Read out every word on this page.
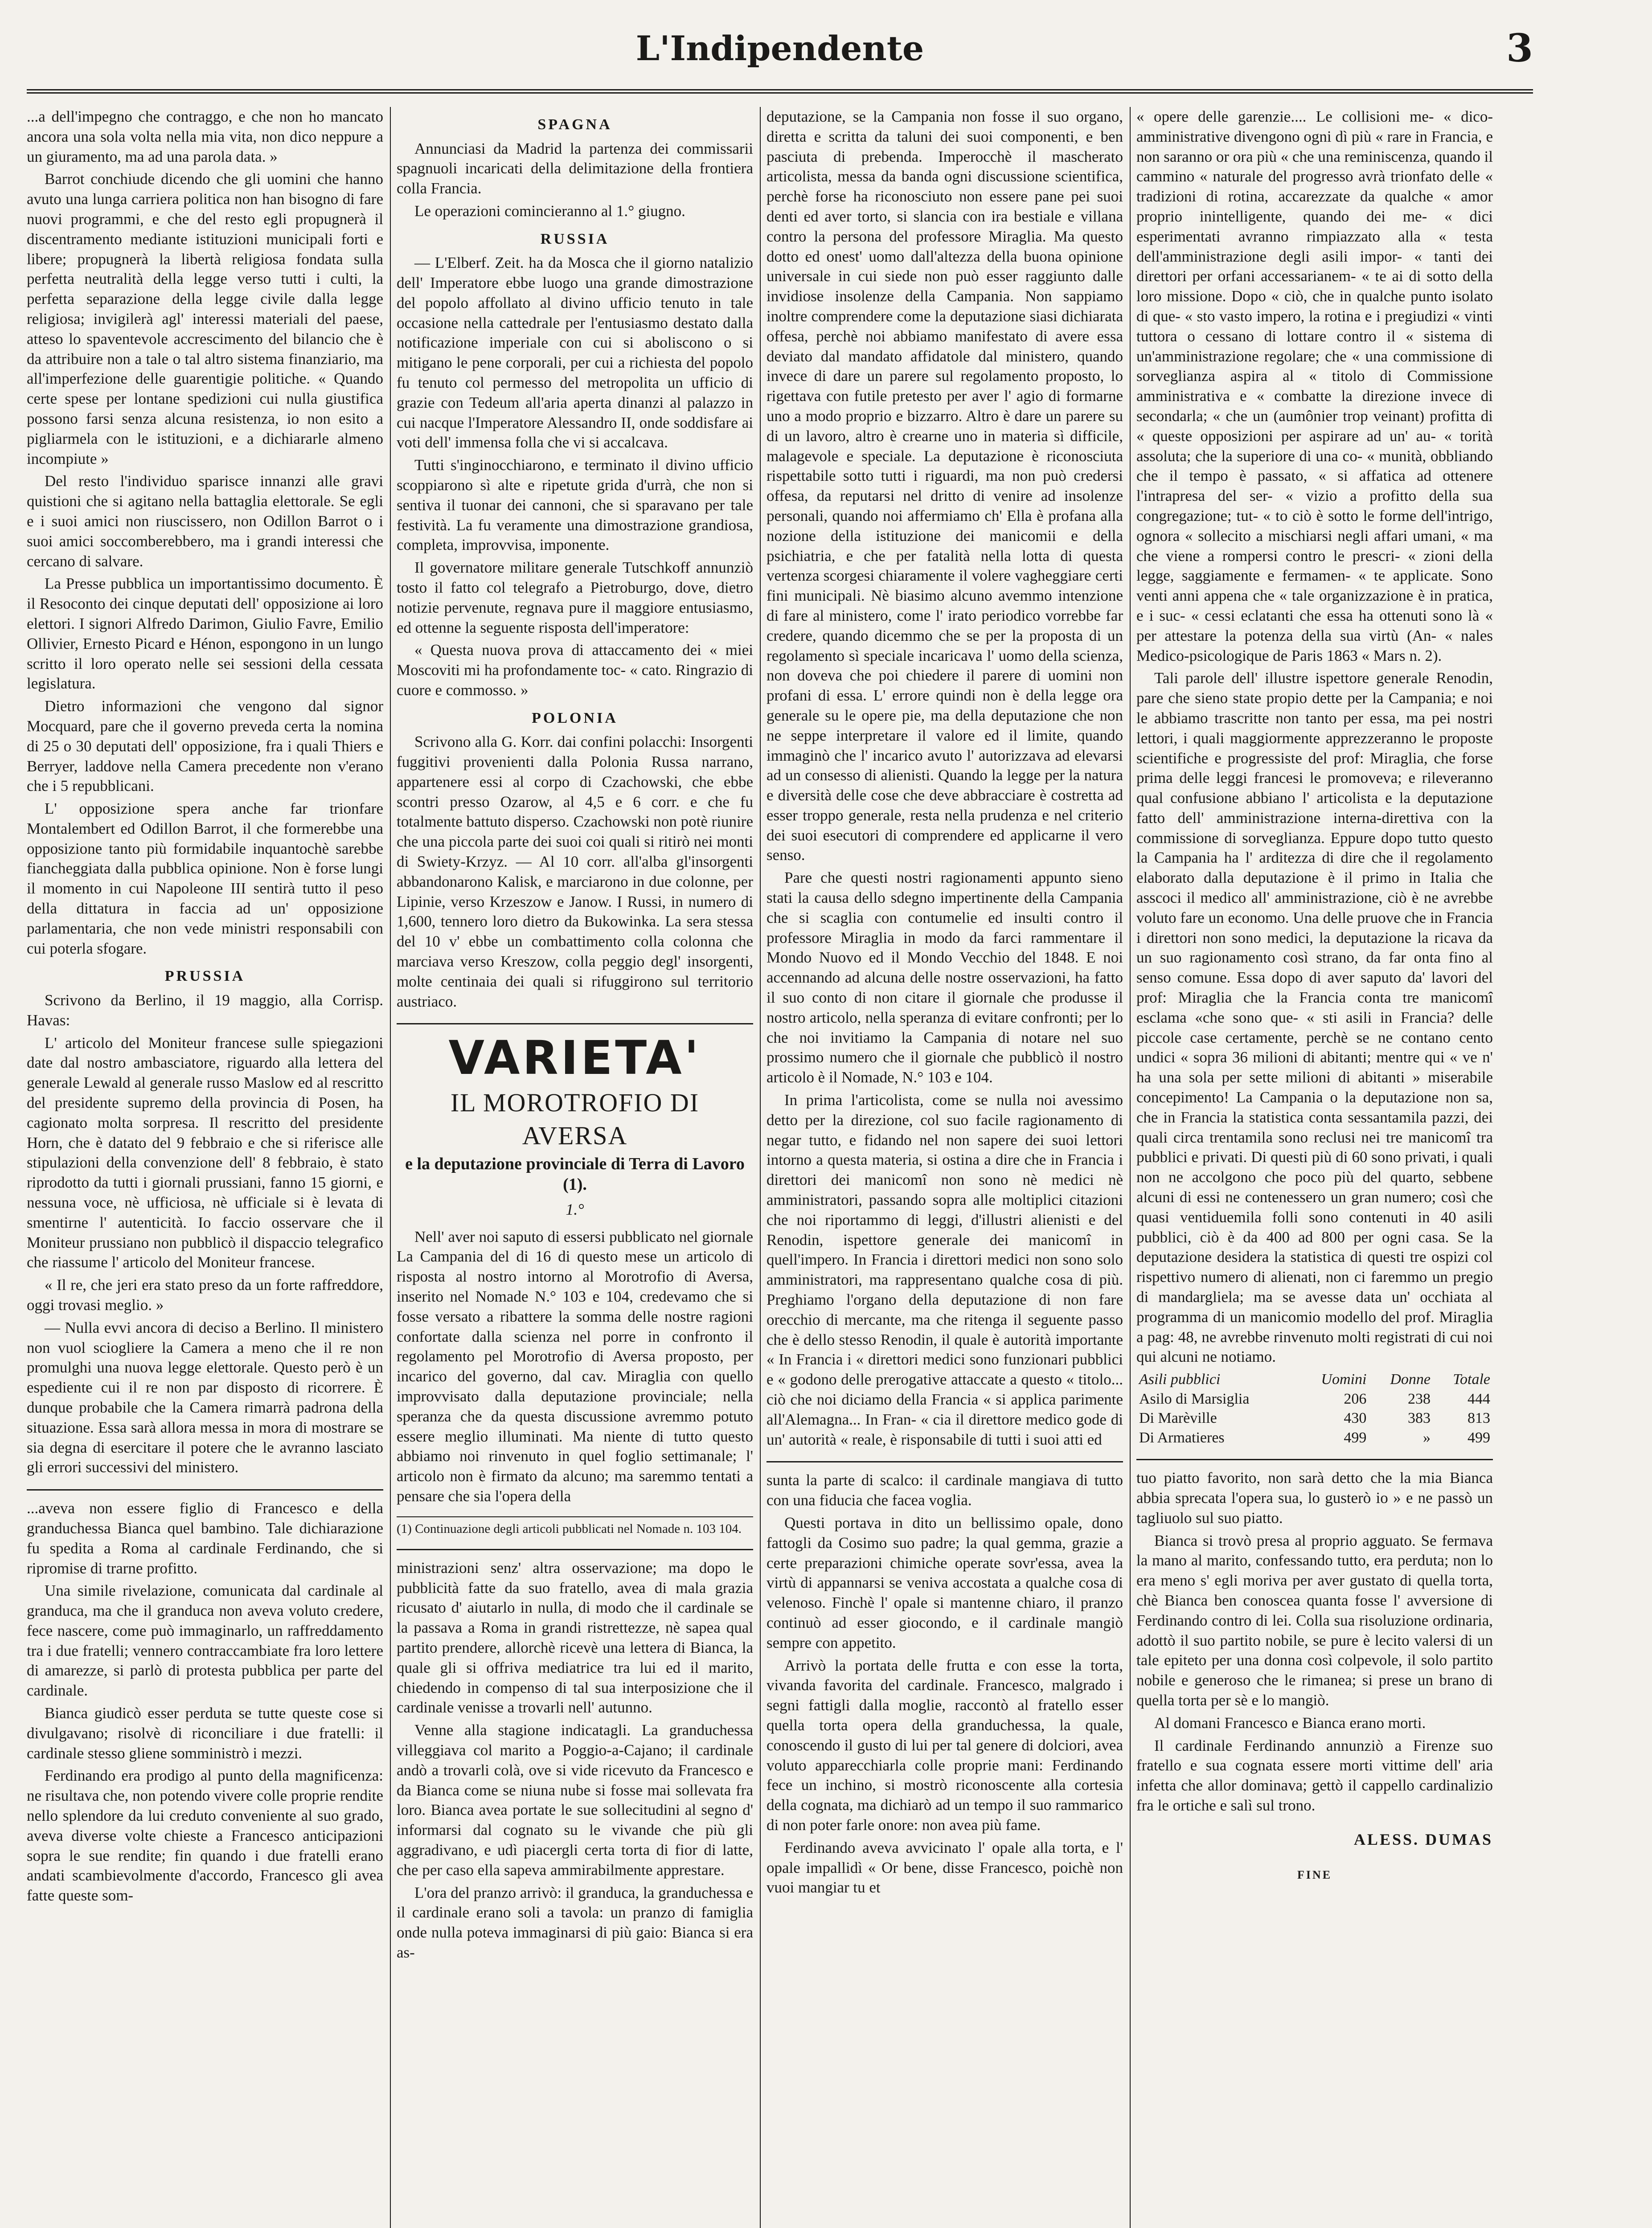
L'Indipendente	3

...a dell'impegno che contraggo, e che non ho mancato ancora una sola volta nella mia vita, non dico neppure a un giuramento, ma ad una parola data. »

Barrot conchiude dicendo che gli uomini che hanno avuto una lunga carriera politica non han bisogno di fare nuovi programmi, e che del resto egli propugnerà il discentramento mediante istituzioni municipali forti e libere; propugnerà la libertà religiosa fondata sulla perfetta neutralità della legge verso tutti i culti, la perfetta separazione della legge civile dalla legge religiosa; invigilerà agl' interessi materiali del paese, atteso lo spaventevole accrescimento del bilancio che è da attribuire non a tale o tal altro sistema finanziario, ma all'imperfezione delle guarentigie politiche. « Quando certe spese per lontane spedizioni cui nulla giustifica possono farsi senza alcuna resistenza, io non esito a pigliarmela con le istituzioni, e a dichiararle almeno incompiute »

Del resto l'individuo sparisce innanzi alle gravi quistioni che si agitano nella battaglia elettorale. Se egli e i suoi amici non riuscissero, non Odillon Barrot o i suoi amici soccomberebbero, ma i grandi interessi che cercano di salvare.

La Presse pubblica un importantissimo documento. È il Resoconto dei cinque deputati dell' opposizione ai loro elettori. I signori Alfredo Darimon, Giulio Favre, Emilio Ollivier, Ernesto Picard e Hénon, espongono in un lungo scritto il loro operato nelle sei sessioni della cessata legislatura.

Dietro informazioni che vengono dal signor Mocquard, pare che il governo preveda certa la nomina di 25 o 30 deputati dell' opposizione, fra i quali Thiers e Berryer, laddove nella Camera precedente non v'erano che i 5 repubblicani.

L' opposizione spera anche far trionfare Montalembert ed Odillon Barrot, il che formerebbe una opposizione tanto più formidabile inquantochè sarebbe fiancheggiata dalla pubblica opinione. Non è forse lungi il momento in cui Napoleone III sentirà tutto il peso della dittatura in faccia ad un' opposizione parlamentaria, che non vede ministri responsabili con cui poterla sfogare.

PRUSSIA

Scrivono da Berlino, il 19 maggio, alla Corrisp. Havas:

L' articolo del Moniteur francese sulle spiegazioni date dal nostro ambasciatore, riguardo alla lettera del generale Lewald al generale russo Maslow ed al rescritto del presidente supremo della provincia di Posen, ha cagionato molta sorpresa. Il rescritto del presidente Horn, che è datato del 9 febbraio e che si riferisce alle stipulazioni della convenzione dell' 8 febbraio, è stato riprodotto da tutti i giornali prussiani, fanno 15 giorni, e nessuna voce, nè ufficiosa, nè ufficiale si è levata di smentirne l' autenticità. Io faccio osservare che il Moniteur prussiano non pubblicò il dispaccio telegrafico che riassume l' articolo del Moniteur francese.

« Il re, che jeri era stato preso da un forte raffreddore, oggi trovasi meglio. »

— Nulla evvi ancora di deciso a Berlino. Il ministero non vuol sciogliere la Camera a meno che il re non promulghi una nuova legge elettorale. Questo però è un espediente cui il re non par disposto di ricorrere. È dunque probabile che la Camera rimarrà padrona della situazione. Essa sarà allora messa in mora di mostrare se sia degna di esercitare il potere che le avranno lasciato gli errori successivi del ministero.

...aveva non essere figlio di Francesco e della granduchessa Bianca quel bambino. Tale dichiarazione fu spedita a Roma al cardinale Ferdinando, che si ripromise di trarne profitto.

Una simile rivelazione, comunicata dal cardinale al granduca, ma che il granduca non aveva voluto credere, fece nascere, come può immaginarlo, un raffreddamento tra i due fratelli; vennero contraccambiate fra loro lettere di amarezze, si parlò di protesta pubblica per parte del cardinale.

Bianca giudicò esser perduta se tutte queste cose si divulgavano; risolvè di riconciliare i due fratelli: il cardinale stesso gliene somministrò i mezzi.

Ferdinando era prodigo al punto della magnificenza: ne risultava che, non potendo vivere colle proprie rendite nello splendore da lui creduto conveniente al suo grado, aveva diverse volte chieste a Francesco anticipazioni sopra le sue rendite; fin quando i due fratelli erano andati scambievolmente d'accordo, Francesco gli avea fatte queste som-

SPAGNA

Annunciasi da Madrid la partenza dei commissarii spagnuoli incaricati della delimitazione della frontiera colla Francia.

Le operazioni comincieranno al 1.° giugno.

RUSSIA

— L'Elberf. Zeit. ha da Mosca che il giorno natalizio dell' Imperatore ebbe luogo una grande dimostrazione del popolo affollato al divino ufficio tenuto in tale occasione nella cattedrale per l'entusiasmo destato dalla notificazione imperiale con cui si aboliscono o si mitigano le pene corporali, per cui a richiesta del popolo fu tenuto col permesso del metropolita un ufficio di grazie con Tedeum all'aria aperta dinanzi al palazzo in cui nacque l'Imperatore Alessandro II, onde soddisfare ai voti dell' immensa folla che vi si accalcava.

Tutti s'inginocchiarono, e terminato il divino ufficio scoppiarono sì alte e ripetute grida d'urrà, che non si sentiva il tuonar dei cannoni, che si sparavano per tale festività. La fu veramente una dimostrazione grandiosa, completa, improvvisa, imponente.

Il governatore militare generale Tutschkoff annunziò tosto il fatto col telegrafo a Pietroburgo, dove, dietro notizie pervenute, regnava pure il maggiore entusiasmo, ed ottenne la seguente risposta dell'imperatore:

« Questa nuova prova di attaccamento dei « miei Moscoviti mi ha profondamente toc- « cato. Ringrazio di cuore e commosso. »

POLONIA

Scrivono alla G. Korr. dai confini polacchi: Insorgenti fuggitivi provenienti dalla Polonia Russa narrano, appartenere essi al corpo di Czachowski, che ebbe scontri presso Ozarow, al 4,5 e 6 corr. e che fu totalmente battuto disperso. Czachowski non potè riunire che una piccola parte dei suoi coi quali si ritirò nei monti di Swiety-Krzyz. — Al 10 corr. all'alba gl'insorgenti abbandonarono Kalisk, e marciarono in due colonne, per Lipinie, verso Krzeszow e Janow. I Russi, in numero di 1,600, tennero loro dietro da Bukowinka. La sera stessa del 10 v' ebbe un combattimento colla colonna che marciava verso Kreszow, colla peggio degl' insorgenti, molte centinaia dei quali si rifuggirono sul territorio austriaco.

VARIETA'
IL MOROTROFIO DI AVERSA
e la deputazione provinciale di Terra di Lavoro (1).
1.°

Nell' aver noi saputo di essersi pubblicato nel giornale La Campania del di 16 di questo mese un articolo di risposta al nostro intorno al Morotrofio di Aversa, inserito nel Nomade N.° 103 e 104, credevamo che si fosse versato a ribattere la somma delle nostre ragioni confortate dalla scienza nel porre in confronto il regolamento pel Morotrofio di Aversa proposto, per incarico del governo, dal cav. Miraglia con quello improvvisato dalla deputazione provinciale; nella speranza che da questa discussione avremmo potuto essere meglio illuminati. Ma niente di tutto questo abbiamo noi rinvenuto in quel foglio settimanale; l' articolo non è firmato da alcuno; ma saremmo tentati a pensare che sia l'opera della

(1) Continuazione degli articoli pubblicati nel Nomade n. 103 104.

ministrazioni senz' altra osservazione; ma dopo le pubblicità fatte da suo fratello, avea di mala grazia ricusato d' aiutarlo in nulla, di modo che il cardinale se la passava a Roma in grandi ristrettezze, nè sapea qual partito prendere, allorchè ricevè una lettera di Bianca, la quale gli si offriva mediatrice tra lui ed il marito, chiedendo in compenso di tal sua interposizione che il cardinale venisse a trovarli nell' autunno.

Venne alla stagione indicatagli. La granduchessa villeggiava col marito a Poggio-a-Cajano; il cardinale andò a trovarli colà, ove si vide ricevuto da Francesco e da Bianca come se niuna nube si fosse mai sollevata fra loro. Bianca avea portate le sue sollecitudini al segno d' informarsi dal cognato su le vivande che più gli aggradivano, e udì piacergli certa torta di fior di latte, che per caso ella sapeva ammirabilmente apprestare.

L'ora del pranzo arrivò: il granduca, la granduchessa e il cardinale erano soli a tavola: un pranzo di famiglia onde nulla poteva immaginarsi di più gaio: Bianca si era as-

deputazione, se la Campania non fosse il suo organo, diretta e scritta da taluni dei suoi componenti, e ben pasciuta di prebenda. Imperocchè il mascherato articolista, messa da banda ogni discussione scientifica, perchè forse ha riconosciuto non essere pane pei suoi denti ed aver torto, si slancia con ira bestiale e villana contro la persona del professore Miraglia. Ma questo dotto ed onest' uomo dall'altezza della buona opinione universale in cui siede non può esser raggiunto dalle invidiose insolenze della Campania. Non sappiamo inoltre comprendere come la deputazione siasi dichiarata offesa, perchè noi abbiamo manifestato di avere essa deviato dal mandato affidatole dal ministero, quando invece di dare un parere sul regolamento proposto, lo rigettava con futile pretesto per aver l' agio di formarne uno a modo proprio e bizzarro. Altro è dare un parere su di un lavoro, altro è crearne uno in materia sì difficile, malagevole e speciale. La deputazione è riconosciuta rispettabile sotto tutti i riguardi, ma non può credersi offesa, da reputarsi nel dritto di venire ad insolenze personali, quando noi affermiamo ch' Ella è profana alla nozione della istituzione dei manicomii e della psichiatria, e che per fatalità nella lotta di questa vertenza scorgesi chiaramente il volere vagheggiare certi fini municipali. Nè biasimo alcuno avemmo intenzione di fare al ministero, come l' irato periodico vorrebbe far credere, quando dicemmo che se per la proposta di un regolamento sì speciale incaricava l' uomo della scienza, non doveva che poi chiedere il parere di uomini non profani di essa. L' errore quindi non è della legge ora generale su le opere pie, ma della deputazione che non ne seppe interpretare il valore ed il limite, quando immaginò che l' incarico avuto l' autorizzava ad elevarsi ad un consesso di alienisti. Quando la legge per la natura e diversità delle cose che deve abbracciare è costretta ad esser troppo generale, resta nella prudenza e nel criterio dei suoi esecutori di comprendere ed applicarne il vero senso.

Pare che questi nostri ragionamenti appunto sieno stati la causa dello sdegno impertinente della Campania che si scaglia con contumelie ed insulti contro il professore Miraglia in modo da farci rammentare il Mondo Nuovo ed il Mondo Vecchio del 1848. E noi accennando ad alcuna delle nostre osservazioni, ha fatto il suo conto di non citare il giornale che produsse il nostro articolo, nella speranza di evitare confronti; per lo che noi invitiamo la Campania di notare nel suo prossimo numero che il giornale che pubblicò il nostro articolo è il Nomade, N.° 103 e 104.

In prima l'articolista, come se nulla noi avessimo detto per la direzione, col suo facile ragionamento di negar tutto, e fidando nel non sapere dei suoi lettori intorno a questa materia, si ostina a dire che in Francia i direttori dei manicomî non sono nè medici nè amministratori, passando sopra alle moltiplici citazioni che noi riportammo di leggi, d'illustri alienisti e del Renodin, ispettore generale dei manicomî in quell'impero. In Francia i direttori medici non sono solo amministratori, ma rappresentano qualche cosa di più. Preghiamo l'organo della deputazione di non fare orecchio di mercante, ma che ritenga il seguente passo che è dello stesso Renodin, il quale è autorità importante « In Francia i « direttori medici sono funzionari pubblici e « godono delle prerogative attaccate a questo « titolo... ciò che noi diciamo della Francia « si applica parimente all'Alemagna... In Fran- « cia il direttore medico gode di un' autorità « reale, è risponsabile di tutti i suoi atti ed

sunta la parte di scalco: il cardinale mangiava di tutto con una fiducia che facea voglia.

Questi portava in dito un bellissimo opale, dono fattogli da Cosimo suo padre; la qual gemma, grazie a certe preparazioni chimiche operate sovr'essa, avea la virtù di appannarsi se veniva accostata a qualche cosa di velenoso. Finchè l' opale si mantenne chiaro, il pranzo continuò ad esser giocondo, e il cardinale mangiò sempre con appetito.

Arrivò la portata delle frutta e con esse la torta, vivanda favorita del cardinale. Francesco, malgrado i segni fattigli dalla moglie, raccontò al fratello esser quella torta opera della granduchessa, la quale, conoscendo il gusto di lui per tal genere di dolciori, avea voluto apparecchiarla colle proprie mani: Ferdinando fece un inchino, si mostrò riconoscente alla cortesia della cognata, ma dichiarò ad un tempo il suo rammarico di non poter farle onore: non avea più fame.

Ferdinando aveva avvicinato l' opale alla torta, e l' opale impallidì « Or bene, disse Francesco, poichè non vuoi mangiar tu et

« opere delle garenzie.... Le collisioni me- « dico-amministrative divengono ogni dì più « rare in Francia, e non saranno or ora più « che una reminiscenza, quando il cammino « naturale del progresso avrà trionfato delle « tradizioni di rotina, accarezzate da qualche « amor proprio inintelligente, quando dei me- « dici esperimentati avranno rimpiazzato alla « testa dell'amministrazione degli asili impor- « tanti dei direttori per orfani accessarianem- « te ai di sotto della loro missione. Dopo « ciò, che in qualche punto isolato di que- « sto vasto impero, la rotina e i pregiudizi « vinti tuttora o cessano di lottare contro il « sistema di un'amministrazione regolare; che « una commissione di sorveglianza aspira al « titolo di Commissione amministrativa e « combatte la direzione invece di secondarla; « che un (aumônier trop veinant) profitta di « queste opposizioni per aspirare ad un' au- « torità assoluta; che la superiore di una co- « munità, obbliando che il tempo è passato, « si affatica ad ottenere l'intrapresa del ser- « vizio a profitto della sua congregazione; tut- « to ciò è sotto le forme dell'intrigo, ognora « sollecito a mischiarsi negli affari umani, « ma che viene a rompersi contro le prescri- « zioni della legge, saggiamente e fermamen- « te applicate. Sono venti anni appena che « tale organizzazione è in pratica, e i suc- « cessi eclatanti che essa ha ottenuti sono là « per attestare la potenza della sua virtù (An- « nales Medico-psicologique de Paris 1863 « Mars n. 2).

Tali parole dell' illustre ispettore generale Renodin, pare che sieno state propio dette per la Campania; e noi le abbiamo trascritte non tanto per essa, ma pei nostri lettori, i quali maggiormente apprezzeranno le proposte scientifiche e progressiste del prof: Miraglia, che forse prima delle leggi francesi le promoveva; e rileveranno qual confusione abbiano l' articolista e la deputazione fatto dell' amministrazione interna-direttiva con la commissione di sorveglianza. Eppure dopo tutto questo la Campania ha l' arditezza di dire che il regolamento elaborato dalla deputazione è il primo in Italia che asscoci il medico all' amministrazione, ciò è ne avrebbe voluto fare un economo. Una delle pruove che in Francia i direttori non sono medici, la deputazione la ricava da un suo ragionamento così strano, da far onta fino al senso comune. Essa dopo di aver saputo da' lavori del prof: Miraglia che la Francia conta tre manicomî esclama «che sono que- « sti asili in Francia? delle piccole case certamente, perchè se ne contano cento undici « sopra 36 milioni di abitanti; mentre qui « ve n' ha una sola per sette milioni di abitanti » miserabile concepimento! La Campania o la deputazione non sa, che in Francia la statistica conta sessantamila pazzi, dei quali circa trentamila sono reclusi nei tre manicomî tra pubblici e privati. Di questi più di 60 sono privati, i quali non ne accolgono che poco più del quarto, sebbene alcuni di essi ne contenessero un gran numero; così che quasi ventiduemila folli sono contenuti in 40 asili pubblici, ciò è da 400 ad 800 per ogni casa. Se la deputazione desidera la statistica di questi tre ospizi col rispettivo numero di alienati, non ci faremmo un pregio di mandargliela; ma se avesse data un' occhiata al programma di un manicomio modello del prof. Miraglia a pag: 48, ne avrebbe rinvenuto molti registrati di cui noi qui alcuni ne notiamo.

Asili pubblici	Uomini	Donne	Totale
Asilo di Marsiglia	206	238	444
Di Marèville	430	383	813
Di Armatieres	499	»	499

tuo piatto favorito, non sarà detto che la mia Bianca abbia sprecata l'opera sua, lo gusterò io » e ne passò un tagliuolo sul suo piatto.

Bianca si trovò presa al proprio agguato. Se fermava la mano al marito, confessando tutto, era perduta; non lo era meno s' egli moriva per aver gustato di quella torta, chè Bianca ben conoscea quanta fosse l' avversione di Ferdinando contro di lei. Colla sua risoluzione ordinaria, adottò il suo partito nobile, se pure è lecito valersi di un tale epiteto per una donna così colpevole, il solo partito nobile e generoso che le rimanea; si prese un brano di quella torta per sè e lo mangiò.

Al domani Francesco e Bianca erano morti.

Il cardinale Ferdinando annunziò a Firenze suo fratello e sua cognata essere morti vittime dell' aria infetta che allor dominava; gettò il cappello cardinalizio fra le ortiche e salì sul trono.

ALESS. DUMAS
FINE
